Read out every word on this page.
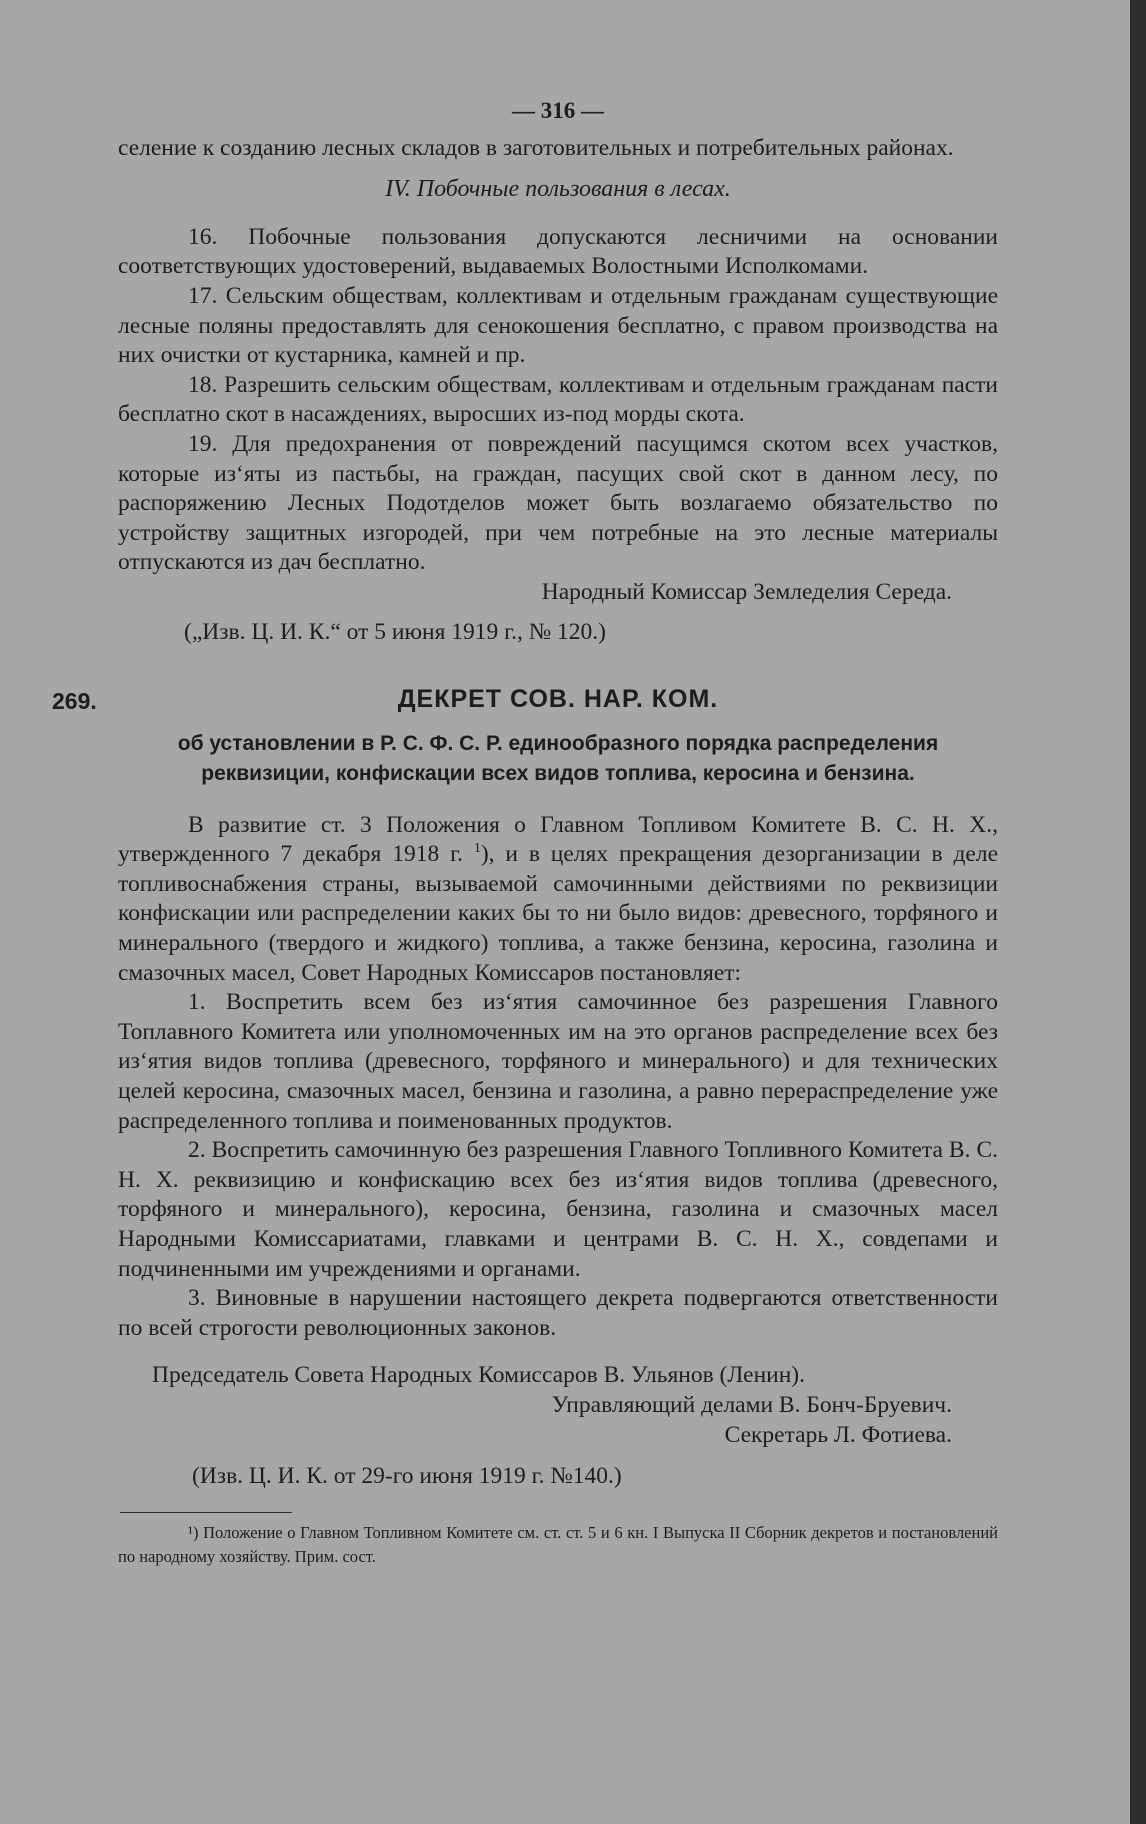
— 316 —

селение к созданию лесных складов в заготовительных и потребительных районах.

IV. Побочные пользования в лесах.

16. Побочные пользования допускаются лесничими на основании соответствующих удостоверений, выдаваемых Волостными Исполкомами.

17. Сельским обществам, коллективам и отдельным гражданам существующие лесные поляны предоставлять для сенокошения бесплатно, с правом производства на них очистки от кустарника, камней и пр.

18. Разрешить сельским обществам, коллективам и отдельным гражданам пасти бесплатно скот в насаждениях, выросших из-под морды скота.

19. Для предохранения от повреждений пасущимся скотом всех участков, которые из‘яты из пастьбы, на граждан, пасущих свой скот в данном лесу, по распоряжению Лесных Подотделов может быть возлагаемо обязательство по устройству защитных изгородей, при чем потребные на это лесные материалы отпускаются из дач бесплатно.

Народный Комиссар Земледелия Середа.

(„Изв. Ц. И. К.“ от 5 июня 1919 г., № 120.)

269.	ДЕКРЕТ СОВ. НАР. КОМ.
об установлении в Р. С. Ф. С. Р. единообразного порядка распределения
реквизиции, конфискации всех видов топлива, керосина и бензина.

В развитие ст. 3 Положения о Главном Топливом Комитете В. С. Н. Х., утвержденного 7 декабря 1918 г. $^1$), и в целях прекращения дезорганизации в деле топливоснабжения страны, вызываемой самочинными действиями по реквизиции конфискации или распределении каких бы то ни было видов: древесного, торфяного и минерального (твердого и жидкого) топлива, а также бензина, керосина, газолина и смазочных масел, Совет Народных Комиссаров постановляет:

1. Воспретить всем без из‘ятия самочинное без разрешения Главного Топлавного Комитета или уполномоченных им на это органов распределение всех без из‘ятия видов топлива (древесного, торфяного и минерального) и для технических целей керосина, смазочных масел, бензина и газолина, а равно перераспределение уже распределенного топлива и поименованных продуктов.

2. Воспретить самочинную без разрешения Главного Топливного Комитета В. С. Н. Х. реквизицию и конфискацию всех без из‘ятия видов топлива (древесного, торфяного и минерального), керосина, бензина, газолина и смазочных масел Народными Комиссариатами, главками и центрами В. С. Н. Х., совдепами и подчиненными им учреждениями и органами.

3. Виновные в нарушении настоящего декрета подвергаются ответственности по всей строгости революционных законов.

Председатель Совета Народных Комиссаров В. Ульянов (Ленин).

Управляющий делами В. Бонч-Бруевич.

Секретарь Л. Фотиева.

(Изв. Ц. И. К. от 29-го июня 1919 г. №140.)

¹) Положение о Главном Топливном Комитете см. ст. ст. 5 и 6 кн. I Выпуска II Сборник декретов и постановлений по народному хозяйству. Прим. сост.
